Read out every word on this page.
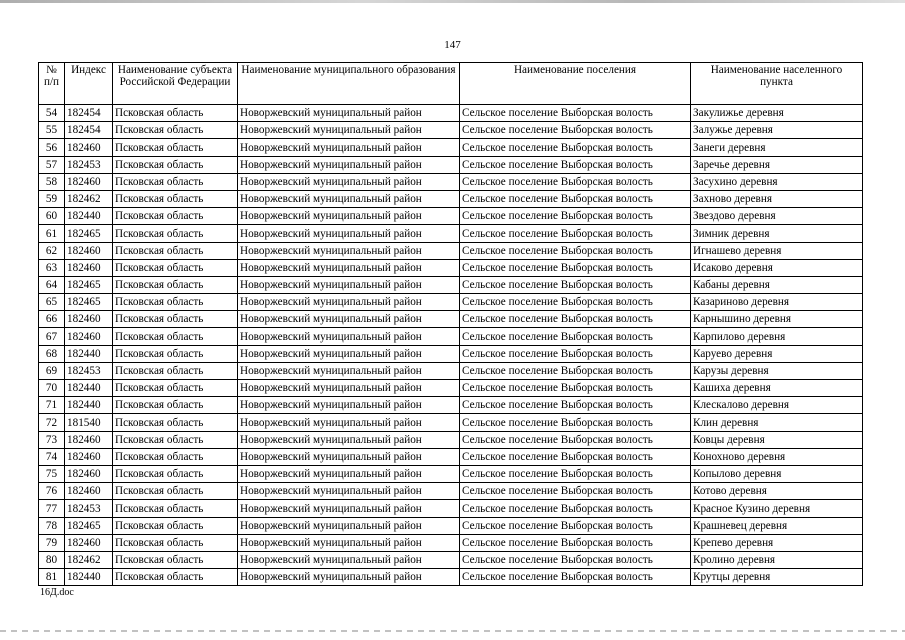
147
№ п/п	Индекс	Наименование субъекта Российской Федерации	Наименование муниципального образования	Наименование поселения	Наименование населенного пункта
54	182454	Псковская область	Новоржевский муниципальный район	Сельское поселение Выборская волость	Закулижье деревня
55	182454	Псковская область	Новоржевский муниципальный район	Сельское поселение Выборская волость	Залужье деревня
56	182460	Псковская область	Новоржевский муниципальный район	Сельское поселение Выборская волость	Занеги деревня
57	182453	Псковская область	Новоржевский муниципальный район	Сельское поселение Выборская волость	Заречье деревня
58	182460	Псковская область	Новоржевский муниципальный район	Сельское поселение Выборская волость	Засухино деревня
59	182462	Псковская область	Новоржевский муниципальный район	Сельское поселение Выборская волость	Захново деревня
60	182440	Псковская область	Новоржевский муниципальный район	Сельское поселение Выборская волость	Звездово деревня
61	182465	Псковская область	Новоржевский муниципальный район	Сельское поселение Выборская волость	Зимник деревня
62	182460	Псковская область	Новоржевский муниципальный район	Сельское поселение Выборская волость	Игнашево деревня
63	182460	Псковская область	Новоржевский муниципальный район	Сельское поселение Выборская волость	Исаково деревня
64	182465	Псковская область	Новоржевский муниципальный район	Сельское поселение Выборская волость	Кабаны деревня
65	182465	Псковская область	Новоржевский муниципальный район	Сельское поселение Выборская волость	Казариново деревня
66	182460	Псковская область	Новоржевский муниципальный район	Сельское поселение Выборская волость	Карнышино деревня
67	182460	Псковская область	Новоржевский муниципальный район	Сельское поселение Выборская волость	Карпилово деревня
68	182440	Псковская область	Новоржевский муниципальный район	Сельское поселение Выборская волость	Каруево деревня
69	182453	Псковская область	Новоржевский муниципальный район	Сельское поселение Выборская волость	Карузы деревня
70	182440	Псковская область	Новоржевский муниципальный район	Сельское поселение Выборская волость	Кашиха деревня
71	182440	Псковская область	Новоржевский муниципальный район	Сельское поселение Выборская волость	Клескалово деревня
72	181540	Псковская область	Новоржевский муниципальный район	Сельское поселение Выборская волость	Клин деревня
73	182460	Псковская область	Новоржевский муниципальный район	Сельское поселение Выборская волость	Ковцы деревня
74	182460	Псковская область	Новоржевский муниципальный район	Сельское поселение Выборская волость	Конохново деревня
75	182460	Псковская область	Новоржевский муниципальный район	Сельское поселение Выборская волость	Копылово деревня
76	182460	Псковская область	Новоржевский муниципальный район	Сельское поселение Выборская волость	Котово деревня
77	182453	Псковская область	Новоржевский муниципальный район	Сельское поселение Выборская волость	Красное Кузино деревня
78	182465	Псковская область	Новоржевский муниципальный район	Сельское поселение Выборская волость	Крашневец деревня
79	182460	Псковская область	Новоржевский муниципальный район	Сельское поселение Выборская волость	Крепево деревня
80	182462	Псковская область	Новоржевский муниципальный район	Сельское поселение Выборская волость	Кролино деревня
81	182440	Псковская область	Новоржевский муниципальный район	Сельское поселение Выборская волость	Крутцы деревня
16Д.doc
